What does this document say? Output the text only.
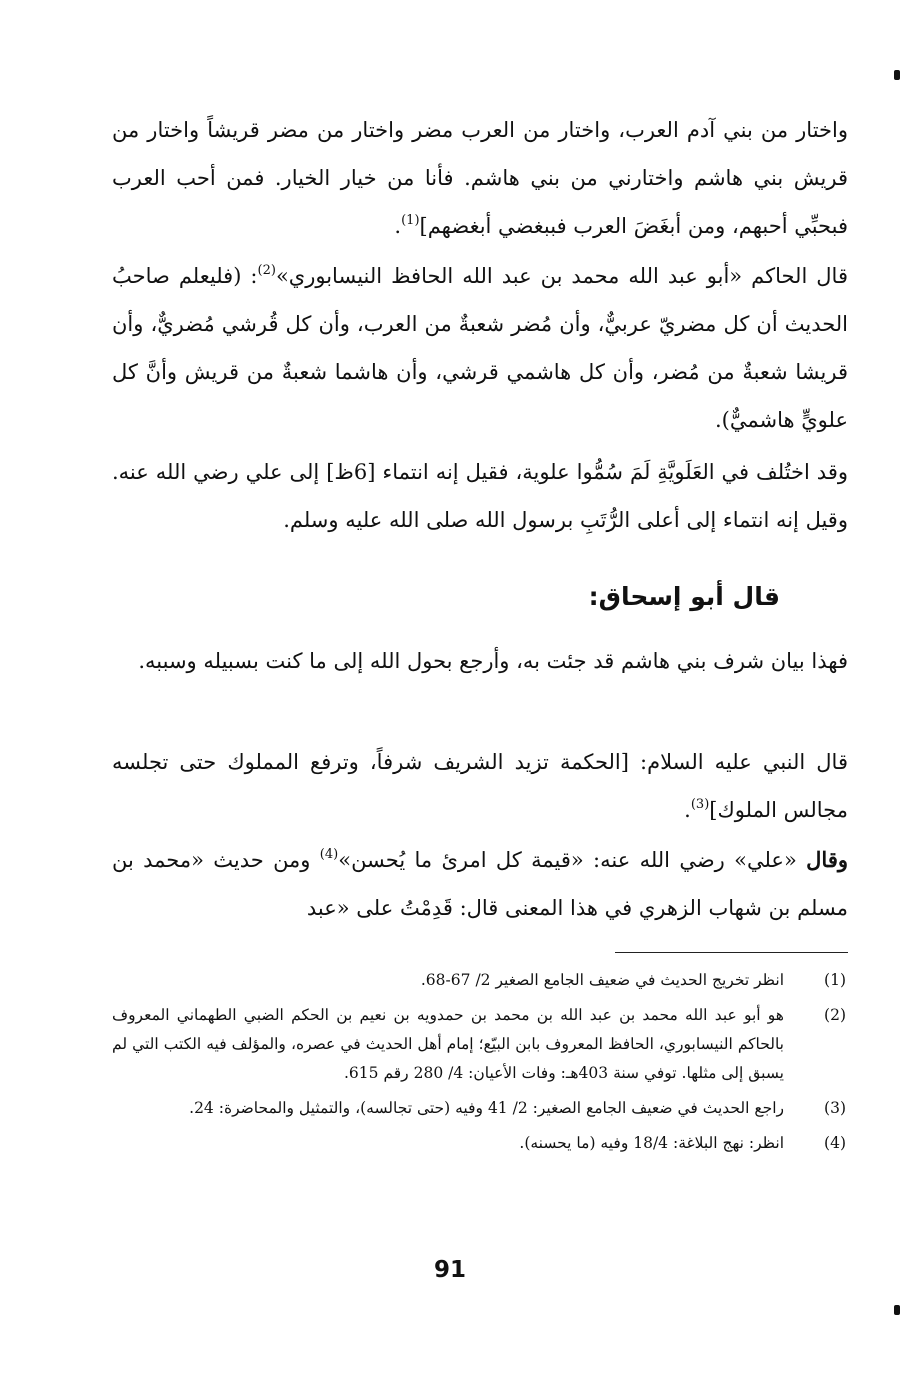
واختار من بني آدم العرب، واختار من العرب مضر واختار من مضر قريشاً واختار من قريش بني هاشم واختارني من بني هاشم. فأنا من خيار الخيار. فمن أحب العرب فبحبِّي أحبهم، ومن أبغَضَ العرب فببغضي أبغضهم]$^{(1)}$.

قال الحاكم «أبو عبد الله محمد بن عبد الله الحافظ النيسابوري»$^{(2)}$: (فليعلم صاحبُ الحديث أن كل مضريّ عربيٌّ، وأن مُضر شعبةٌ من العرب، وأن كل قُرشي مُضريٌّ، وأن قريشا شعبةٌ من مُضر، وأن كل هاشمي قرشي، وأن هاشما شعبةٌ من قريش وأنَّ كل علويٍّ هاشميٌّ).

وقد اختُلف في العَلَويَّةِ لَمَ سُمُّوا علوية، فقيل إنه انتماء [6ظ] إلى علي رضي الله عنه. وقيل إنه انتماء إلى أعلى الرُّتَبِ برسول الله صلى الله عليه وسلم.

قال أبو إسحاق:

فهذا بيان شرف بني هاشم قد جئت به، وأرجع بحول الله إلى ما كنت بسبيله وسببه.

قال النبي عليه السلام: [الحكمة تزيد الشريف شرفاً، وترفع المملوك حتى تجلسه مجالس الملوك]$^{(3)}$.

وقال «علي» رضي الله عنه: «قيمة كل امرئ ما يُحسن»$^{(4)}$ ومن حديث «محمد بن مسلم بن شهاب الزهري في هذا المعنى قال: قَدِمْتُ على «عبد

(1)
انظر تخريج الحديث في ضعيف الجامع الصغير 2/ 67-68.
(2)
هو أبو عبد الله محمد بن عبد الله بن محمد بن حمدويه بن نعيم بن الحكم الضبي الطهماني المعروف بالحاكم النيسابوري، الحافظ المعروف بابن البيّع؛ إمام أهل الحديث في عصره، والمؤلف فيه الكتب التي لم يسبق إلى مثلها. توفي سنة 403هـ: وفات الأعيان: 4/ 280 رقم 615.
(3)
راجع الحديث في ضعيف الجامع الصغير: 2/ 41 وفيه (حتى تجالسه)، والتمثيل والمحاضرة: 24.
(4)
انظر: نهج البلاغة: 18/4 وفيه (ما يحسنه).
91
